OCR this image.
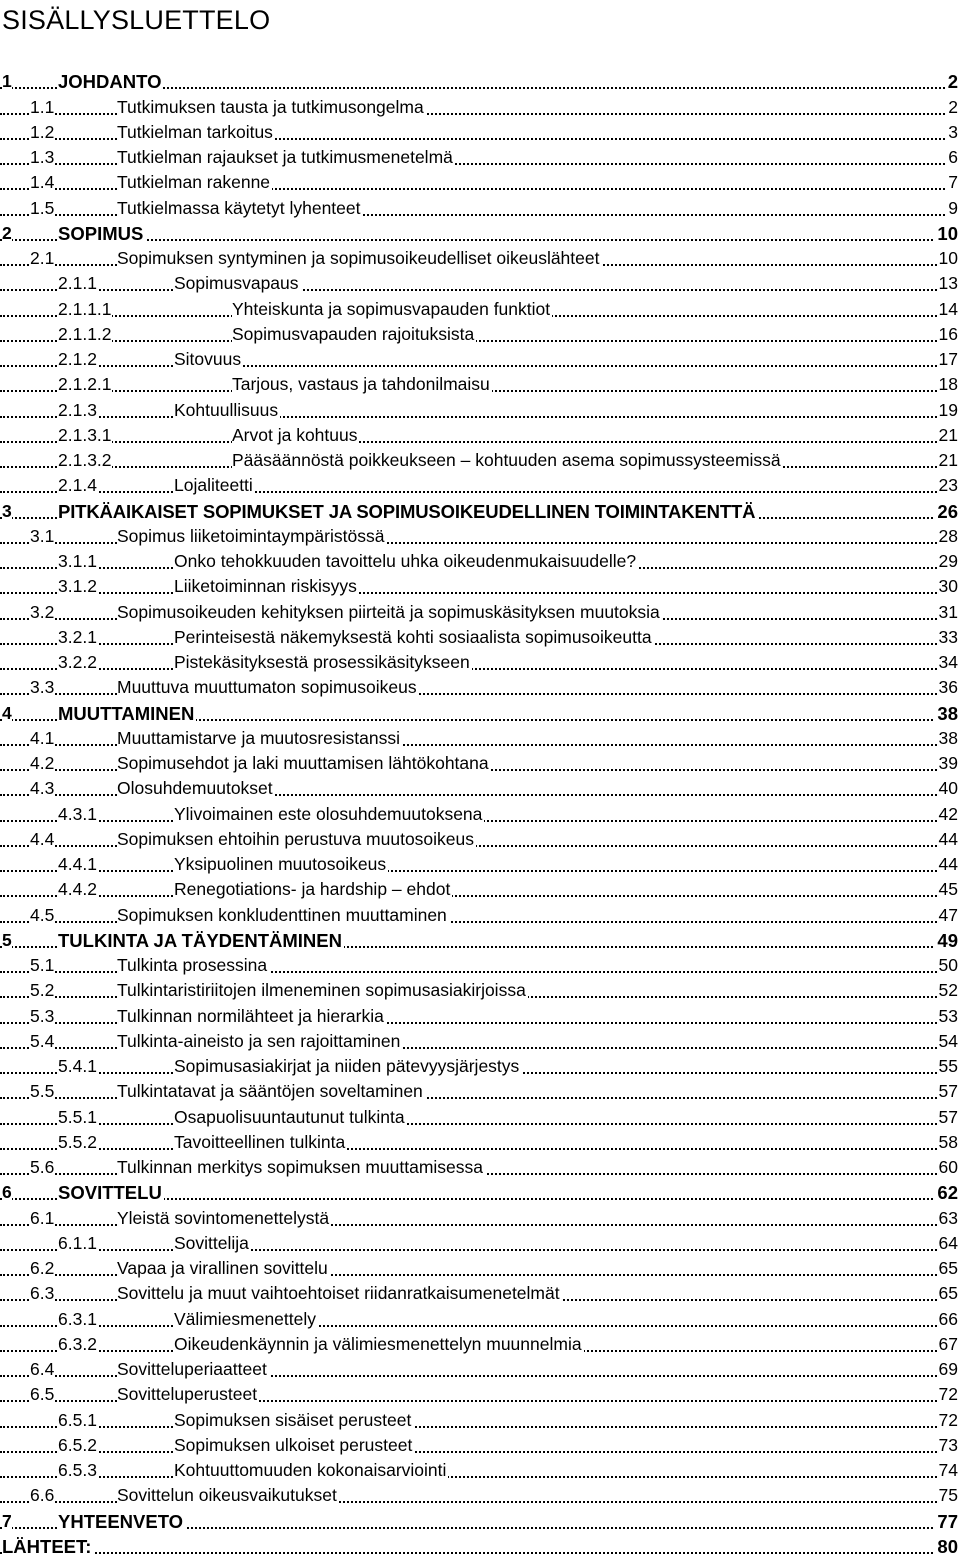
SISÄLLYSLUETTELO
1	JOHDANTO	2
1.1	Tutkimuksen tausta ja tutkimusongelma	2
1.2	Tutkielman tarkoitus	3
1.3	Tutkielman rajaukset ja tutkimusmenetelmä	6
1.4	Tutkielman rakenne	7
1.5	Tutkielmassa käytetyt lyhenteet	9
2	SOPIMUS	10
2.1	Sopimuksen syntyminen ja sopimusoikeudelliset oikeuslähteet	10
2.1.1	Sopimusvapaus	13
2.1.1.1	Yhteiskunta ja sopimusvapauden funktiot	14
2.1.1.2	Sopimusvapauden rajoituksista	16
2.1.2	Sitovuus	17
2.1.2.1	Tarjous, vastaus ja tahdonilmaisu	18
2.1.3	Kohtuullisuus	19
2.1.3.1	Arvot ja kohtuus	21
2.1.3.2	Pääsäännöstä poikkeukseen – kohtuuden asema sopimussysteemissä	21
2.1.4	Lojaliteetti	23
3	PITKÄAIKAISET SOPIMUKSET JA SOPIMUSOIKEUDELLINEN TOIMINTAKENTTÄ	26
3.1	Sopimus liiketoimintaympäristössä	28
3.1.1	Onko tehokkuuden tavoittelu uhka oikeudenmukaisuudelle?	29
3.1.2	Liiketoiminnan riskisyys	30
3.2	Sopimusoikeuden kehityksen piirteitä ja sopimuskäsityksen muutoksia	31
3.2.1	Perinteisestä näkemyksestä kohti sosiaalista sopimusoikeutta	33
3.2.2	Pistekäsityksestä prosessikäsitykseen	34
3.3	Muuttuva muuttumaton sopimusoikeus	36
4	MUUTTAMINEN	38
4.1	Muuttamistarve ja muutosresistanssi	38
4.2	Sopimusehdot ja laki muuttamisen lähtökohtana	39
4.3	Olosuhdemuutokset	40
4.3.1	Ylivoimainen este olosuhdemuutoksena	42
4.4	Sopimuksen ehtoihin perustuva muutosoikeus	44
4.4.1	Yksipuolinen muutosoikeus	44
4.4.2	Renegotiations- ja hardship – ehdot	45
4.5	Sopimuksen konkludenttinen muuttaminen	47
5	TULKINTA JA TÄYDENTÄMINEN	49
5.1	Tulkinta prosessina	50
5.2	Tulkintaristiriitojen ilmeneminen sopimusasiakirjoissa	52
5.3	Tulkinnan normilähteet ja hierarkia	53
5.4	Tulkinta-aineisto ja sen rajoittaminen	54
5.4.1	Sopimusasiakirjat ja niiden pätevyysjärjestys	55
5.5	Tulkintatavat ja sääntöjen soveltaminen	57
5.5.1	Osapuolisuuntautunut tulkinta	57
5.5.2	Tavoitteellinen tulkinta	58
5.6	Tulkinnan merkitys sopimuksen muuttamisessa	60
6	SOVITTELU	62
6.1	Yleistä sovintomenettelystä	63
6.1.1	Sovittelija	64
6.2	Vapaa ja virallinen sovittelu	65
6.3	Sovittelu ja muut vaihtoehtoiset riidanratkaisumenetelmät	65
6.3.1	Välimiesmenettely	66
6.3.2	Oikeudenkäynnin ja välimiesmenettelyn muunnelmia	67
6.4	Sovitteluperiaatteet	69
6.5	Sovitteluperusteet	72
6.5.1	Sopimuksen sisäiset perusteet	72
6.5.2	Sopimuksen ulkoiset perusteet	73
6.5.3	Kohtuuttomuuden kokonaisarviointi	74
6.6	Sovittelun oikeusvaikutukset	75
7	YHTEENVETO	77
LÄHTEET:	80
